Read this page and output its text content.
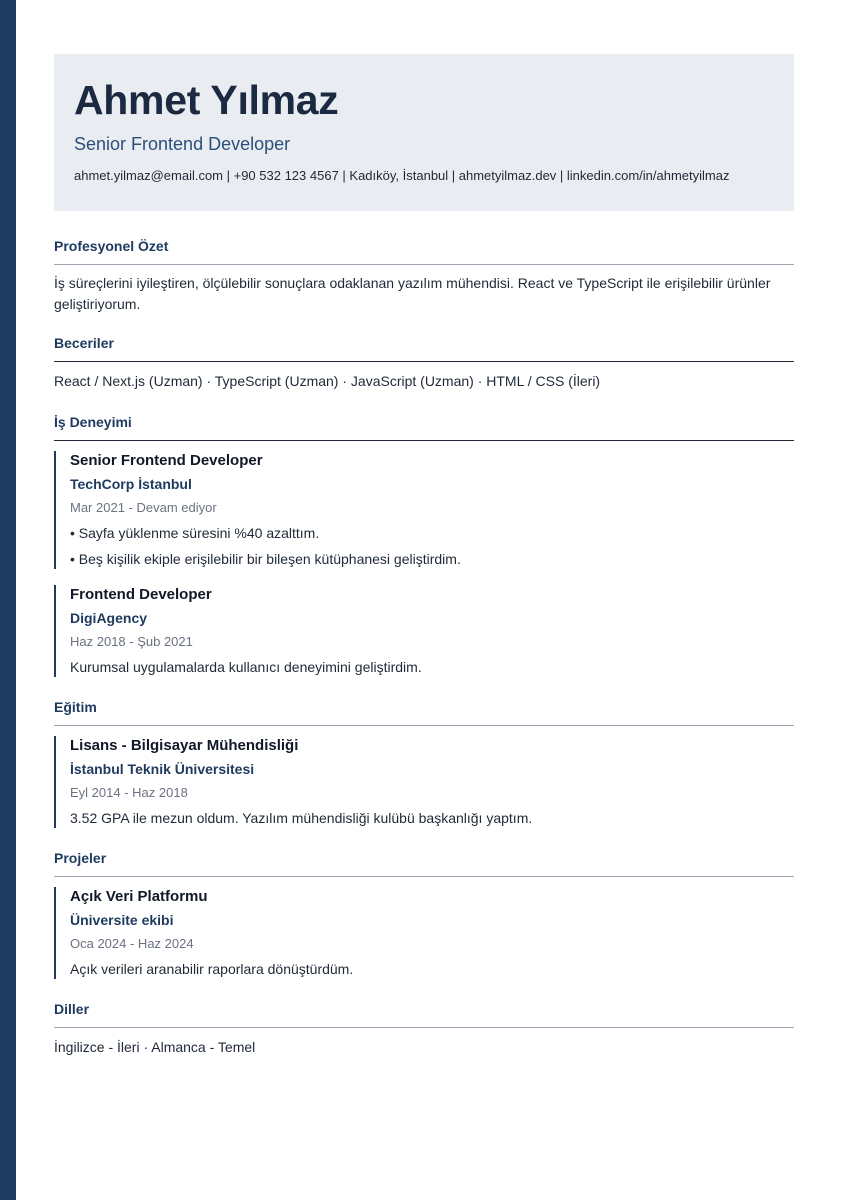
Ahmet Yılmaz
Senior Frontend Developer
ahmet.yilmaz@email.com | +90 532 123 4567 | Kadıköy, İstanbul | ahmetyilmaz.dev | linkedin.com/in/ahmetyilmaz
Profesyonel Özet
İş süreçlerini iyileştiren, ölçülebilir sonuçlara odaklanan yazılım mühendisi. React ve TypeScript ile erişilebilir ürünler geliştiriyorum.
Beceriler
React / Next.js (Uzman) · TypeScript (Uzman) · JavaScript (Uzman) · HTML / CSS (İleri)
İş Deneyimi
Senior Frontend Developer
TechCorp İstanbul
Mar 2021 - Devam ediyor
• Sayfa yüklenme süresini %40 azalttım.
• Beş kişilik ekiple erişilebilir bir bileşen kütüphanesi geliştirdim.
Frontend Developer
DigiAgency
Haz 2018 - Şub 2021
Kurumsal uygulamalarda kullanıcı deneyimini geliştirdim.
Eğitim
Lisans - Bilgisayar Mühendisliği
İstanbul Teknik Üniversitesi
Eyl 2014 - Haz 2018
3.52 GPA ile mezun oldum. Yazılım mühendisliği kulübü başkanlığı yaptım.
Projeler
Açık Veri Platformu
Üniversite ekibi
Oca 2024 - Haz 2024
Açık verileri aranabilir raporlara dönüştürdüm.
Diller
İngilizce - İleri · Almanca - Temel
